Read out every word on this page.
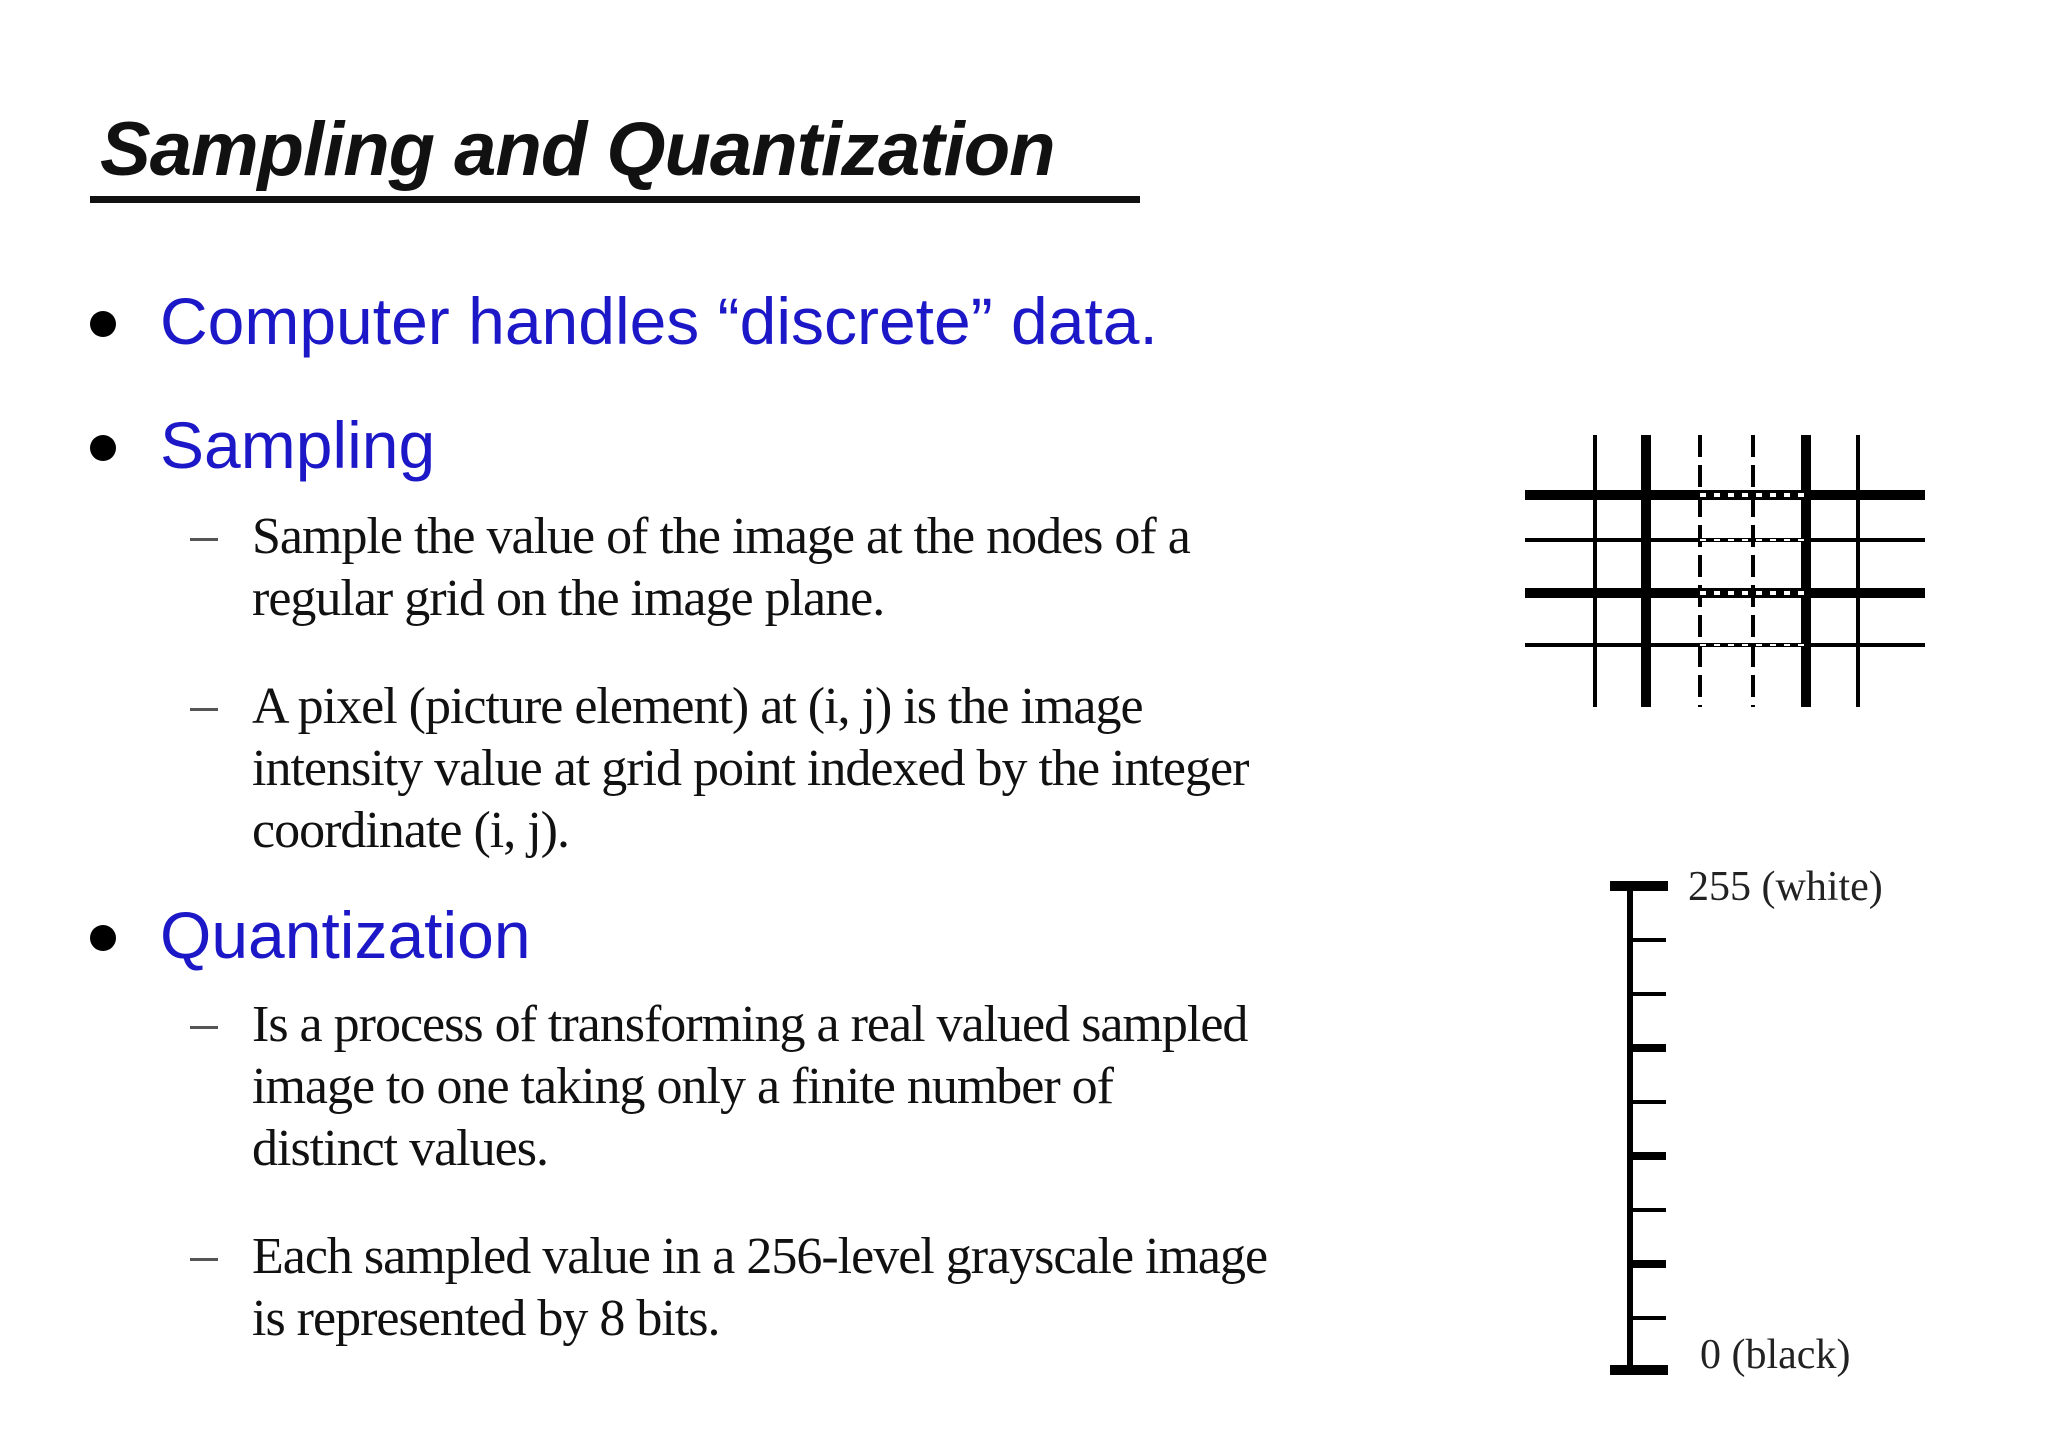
Sampling and Quantization
Computer handles “discrete” data.
Sampling
Sample the value of the image at the nodes of a
regular grid on the image plane.
A pixel (picture element) at (i, j) is the image
intensity value at grid point indexed by the integer
coordinate (i, j).
Quantization
Is a process of transforming a real valued sampled
image to one taking only a finite number of
distinct values.
Each sampled value in a 256-level grayscale image
is represented by 8 bits.
255 (white)
0 (black)
